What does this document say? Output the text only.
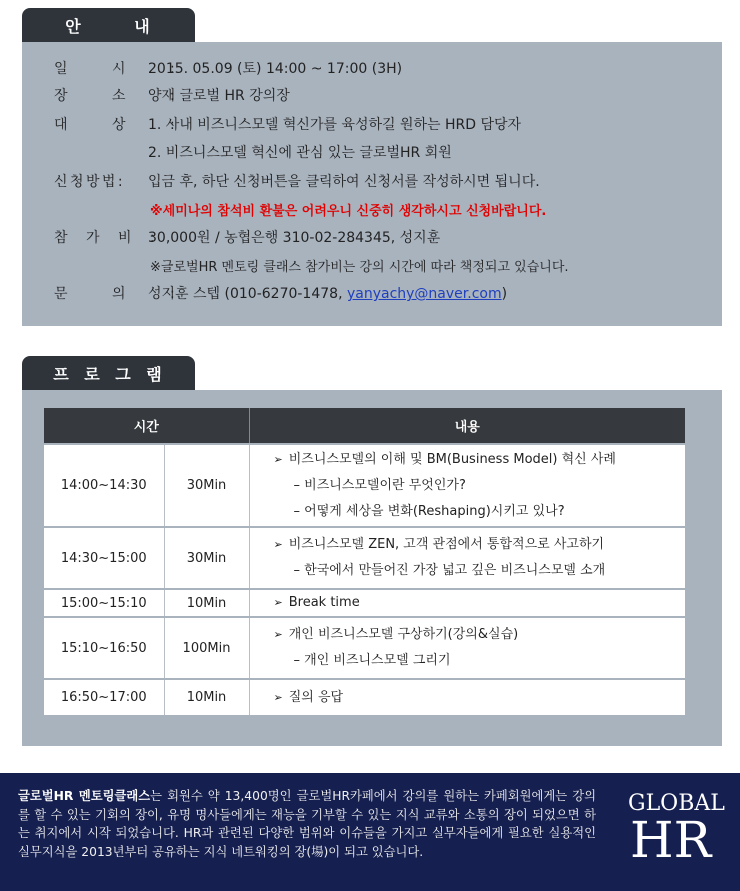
안 내
일 시 :
2015. 05.09 (토) 14:00 ~ 17:00 (3H)
장 소 :
양재 글로벌 HR 강의장
대 상 :
1. 사내 비즈니스모델 혁신가를 육성하길 원하는 HRD 담당자
2. 비즈니스모델 혁신에 관심 있는 글로벌HR 회원
신 청 방 법 : 입금 후, 하단 신청버튼을 클릭하여 신청서를 작성하시면 됩니다.
※세미나의 참석비 환불은 어려우니 신중히 생각하시고 신청바랍니다.
참 가 비 :
30,000원 / 농협은행 310-02-284345, 성지훈
※글로벌HR 멘토링 클래스 참가비는 강의 시간에 따라 책정되고 있습니다.
문 의 :
성지훈 스텝 (010-6270-1478, yanyachy@naver.com)
프 로 그 램
시간		내용
14:00~14:30	30Min	➢ 비즈니스모델의 이해 및 BM(Business Model) 혁신 사례
– 비즈니스모델이란 무엇인가?
– 어떻게 세상을 변화(Reshaping)시키고 있나?

14:30~15:00	30Min	➢ 비즈니스모델 ZEN, 고객 관점에서 통합적으로 사고하기
– 한국에서 만들어진 가장 넓고 깊은 비즈니스모델 소개

15:00~15:10	10Min	➢ Break time

15:10~16:50	100Min	➢ 개인 비즈니스모델 구상하기(강의&실습)
– 개인 비즈니스모델 그리기

16:50~17:00	10Min	➢ 질의 응답
글로벌HR 멘토링클래스는 회원수 약 13,400명인 글로벌HR카페에서 강의를 원하는 카페회원에게는 강의를 할 수 있는 기회의 장이, 유명 명사들에게는 재능을 기부할 수 있는 지식 교류와 소통의 장이 되었으면 하는 취지에서 시작 되었습니다. HR과 관련된 다양한 범위와 이슈들을 가지고 실무자들에게 필요한 실용적인 실무지식을 2013년부터 공유하는 지식 네트워킹의 장(場)이 되고 있습니다.
GLOBAL
HR
